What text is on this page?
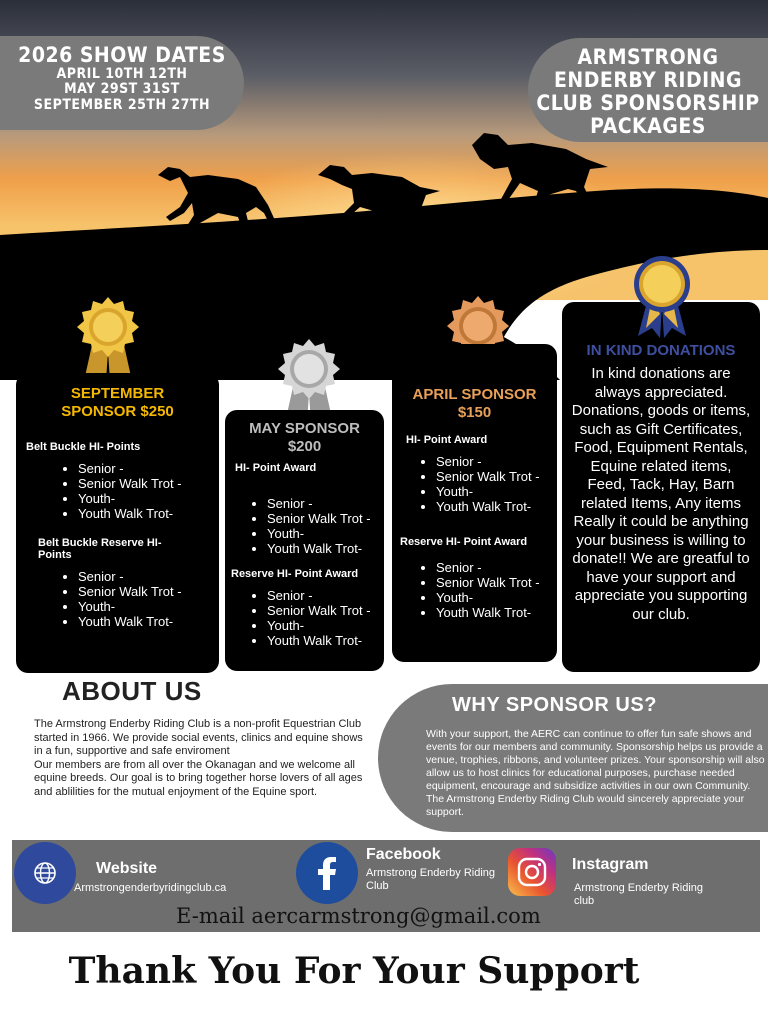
2026 SHOW DATES
APRIL 10TH 12TH
MAY 29ST 31ST
SEPTEMBER 25TH 27TH
ARMSTRONG ENDERBY RIDING CLUB SPONSORSHIP PACKAGES
SEPTEMBER SPONSOR $250
Belt Buckle HI- Points
• Senior -
• Senior Walk Trot -
• Youth-
• Youth Walk Trot-
Belt Buckle Reserve HI- Points
• Senior -
• Senior Walk Trot -
• Youth-
• Youth Walk Trot-
MAY SPONSOR $200
HI- Point Award
• Senior -
• Senior Walk Trot -
• Youth-
• Youth Walk Trot-
Reserve HI- Point Award
• Senior -
• Senior Walk Trot -
• Youth-
• Youth Walk Trot-
APRIL SPONSOR $150
HI- Point Award
• Senior -
• Senior Walk Trot -
• Youth-
• Youth Walk Trot-
Reserve HI- Point Award
• Senior -
• Senior Walk Trot -
• Youth-
• Youth Walk Trot-
IN KIND DONATIONS
In kind donations are always appreciated. Donations, goods or items, such as Gift Certificates, Food, Equipment Rentals, Equine related items, Feed, Tack, Hay, Barn related Items, Any items Really it could be anything your business is willing to donate!! We are greatful to have your support and appreciate you supporting our club.
ABOUT US
The Armstrong Enderby Riding Club is a non-profit Equestrian Club started in 1966. We provide social events, clinics and equine shows in a fun, supportive and safe enviroment
Our members are from all over the Okanagan and we welcome all equine breeds. Our goal is to bring together horse lovers of all ages and ablilities for the mutual enjoyment of the Equine sport.
WHY SPONSOR US?
With your support, the AERC can continue to offer fun safe shows and events for our members and community. Sponsorship helps us provide a venue, trophies, ribbons, and volunteer prizes. Your sponsorship will also allow us to host clinics for educational purposes, purchase needed equipment, encourage and subsidize activities in our own Community. The Armstrong Enderby Riding Club would sincerely appreciate your support.
Website
Armstrongenderbyridingclub.ca
Facebook
Armstrong Enderby Riding Club
Instagram
Armstrong Enderby Riding club
E-mail aercarmstrong@gmail.com
Thank You For Your Support
